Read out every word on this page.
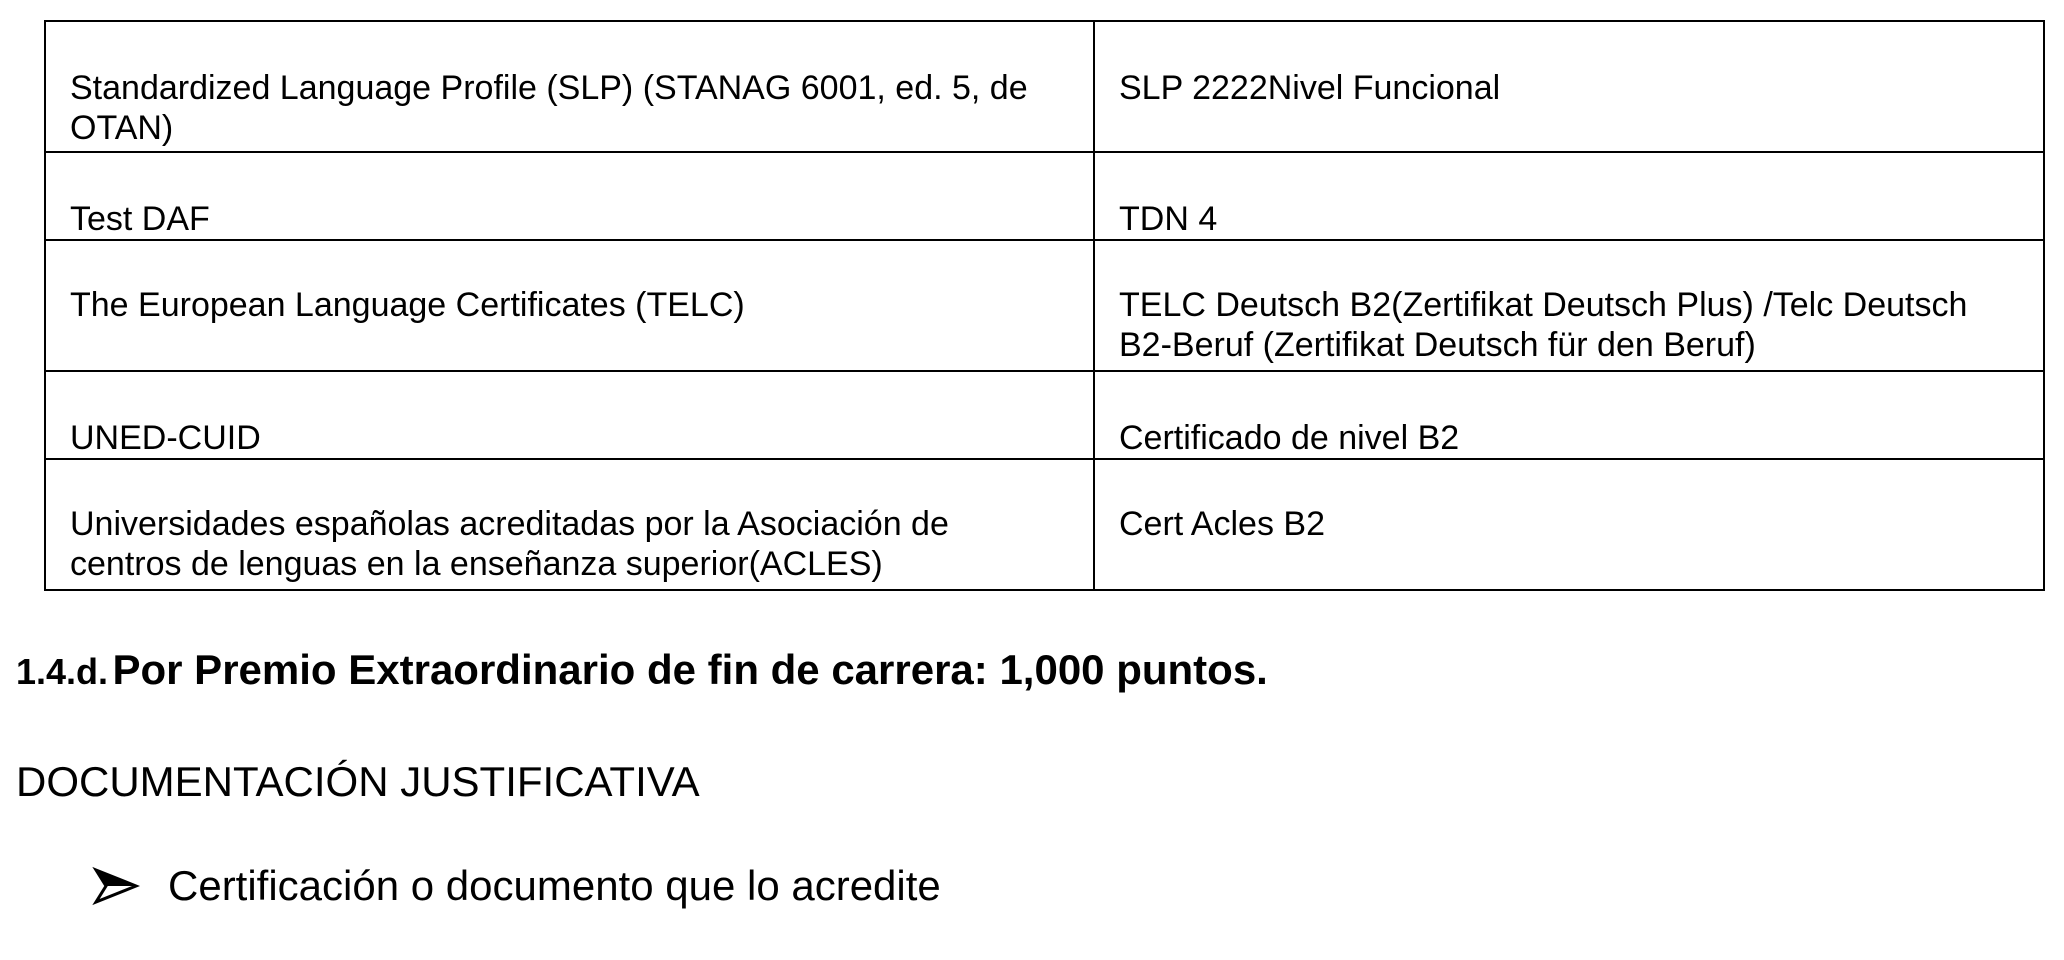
Standardized Language Profile (SLP) (STANAG 6001, ed. 5, de OTAN)	SLP 2222Nivel Funcional

Test DAF	TDN 4

The European Language Certificates (TELC)	TELC Deutsch B2(Zertifikat Deutsch Plus) /Telc Deutsch B2-Beruf (Zertifikat Deutsch für den Beruf)

UNED-CUID	Certificado de nivel B2

Universidades españolas acreditadas por la Asociación de centros de lenguas en la enseñanza superior(ACLES)	Cert Acles B2
1.4.d. Por Premio Extraordinario de fin de carrera: 1,000 puntos.
DOCUMENTACIÓN JUSTIFICATIVA
Certificación o documento que lo acredite
